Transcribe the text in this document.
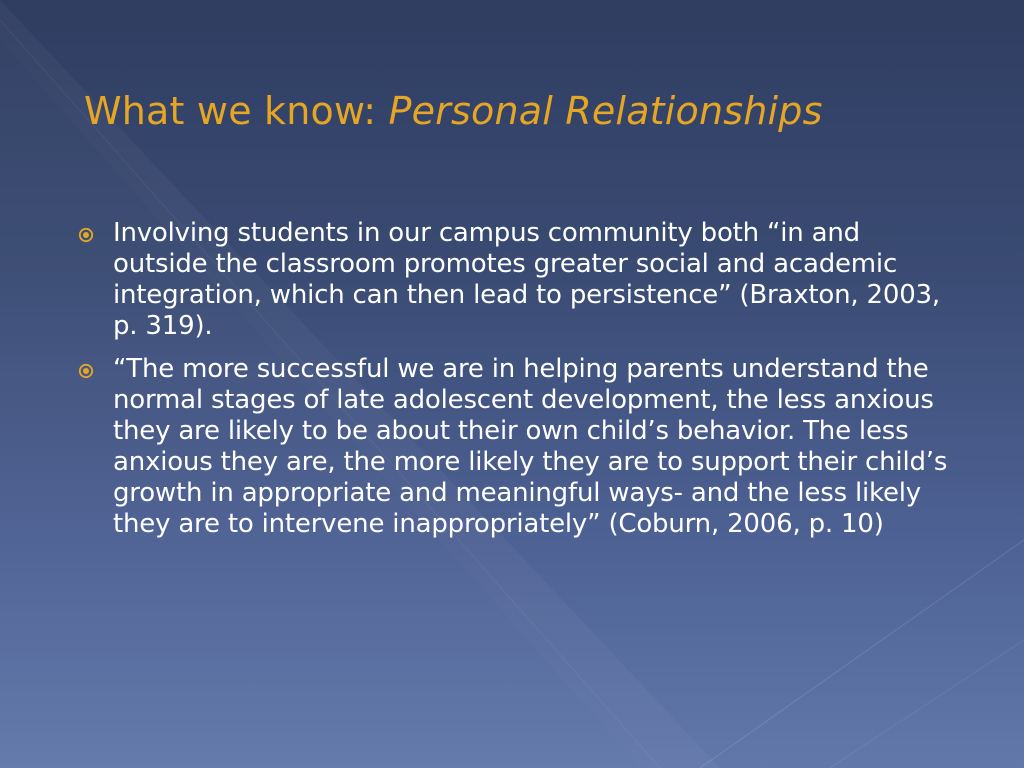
What we know: Personal Relationships
Involving students in our campus community both “in and outside the classroom promotes greater social and academic integration, which can then lead to persistence” (Braxton, 2003, p. 319).
“The more successful we are in helping parents understand the normal stages of late adolescent development, the less anxious they are likely to be about their own child’s behavior. The less anxious they are, the more likely they are to support their child’s growth in appropriate and meaningful ways- and the less likely they are to intervene inappropriately” (Coburn, 2006, p. 10)
